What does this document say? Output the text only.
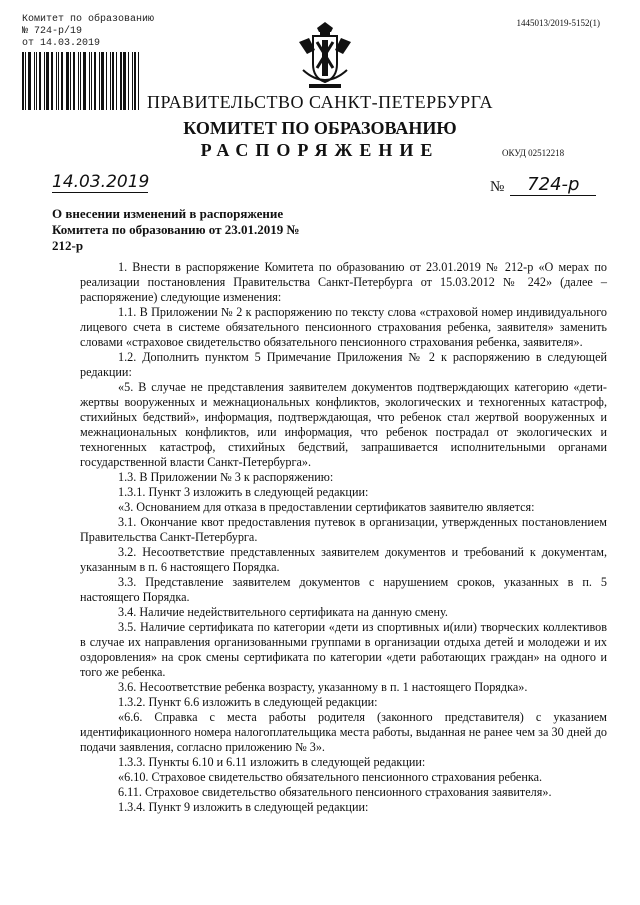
Комитет по образованию
№ 724-р/19
от 14.03.2019
1445013/2019-5152(1)
ПРАВИТЕЛЬСТВО САНКТ-ПЕТЕРБУРГА
КОМИТЕТ ПО ОБРАЗОВАНИЮ
РАСПОРЯЖЕНИЕ	ОКУД 02512218
14.03.2019	№	724-р
О внесении изменений в распоряжение Комитета по образованию от 23.01.2019 № 212-р

1. Внести в распоряжение Комитета по образованию от 23.01.2019 № 212-р «О мерах по реализации постановления Правительства Санкт-Петербурга от 15.03.2012 № 242» (далее – распоряжение) следующие изменения:

1.1. В Приложении № 2 к распоряжению по тексту слова «страховой номер индивидуального лицевого счета в системе обязательного пенсионного страхования ребенка, заявителя» заменить словами «страховое свидетельство обязательного пенсионного страхования ребенка, заявителя».

1.2. Дополнить пунктом 5 Примечание Приложения № 2 к распоряжению в следующей редакции:

«5. В случае не представления заявителем документов подтверждающих категорию «дети-жертвы вооруженных и межнациональных конфликтов, экологических и техногенных катастроф, стихийных бедствий», информация, подтверждающая, что ребенок стал жертвой вооруженных и межнациональных конфликтов, или информация, что ребенок пострадал от экологических и техногенных катастроф, стихийных бедствий, запрашивается исполнительными органами государственной власти Санкт-Петербурга».

1.3. В Приложении № 3 к распоряжению:

1.3.1. Пункт 3 изложить в следующей редакции:

«3. Основанием для отказа в предоставлении сертификатов заявителю является:

3.1. Окончание квот предоставления путевок в организации, утвержденных постановлением Правительства Санкт-Петербурга.

3.2. Несоответствие представленных заявителем документов и требований к документам, указанным в п. 6 настоящего Порядка.

3.3. Представление заявителем документов с нарушением сроков, указанных в п. 5 настоящего Порядка.

3.4. Наличие недействительного сертификата на данную смену.

3.5. Наличие сертификата по категории «дети из спортивных и(или) творческих коллективов в случае их направления организованными группами в организации отдыха детей и молодежи и их оздоровления» на срок смены сертификата по категории «дети работающих граждан» на одного и того же ребенка.

3.6. Несоответствие ребенка возрасту, указанному в п. 1 настоящего Порядка».

1.3.2. Пункт 6.6 изложить в следующей редакции:

«6.6. Справка с места работы родителя (законного представителя) с указанием идентификационного номера налогоплательщика места работы, выданная не ранее чем за 30 дней до подачи заявления, согласно приложению № 3».

1.3.3. Пункты 6.10 и 6.11 изложить в следующей редакции:

«6.10. Страховое свидетельство обязательного пенсионного страхования ребенка.

6.11. Страховое свидетельство обязательного пенсионного страхования заявителя».

1.3.4. Пункт 9 изложить в следующей редакции:
